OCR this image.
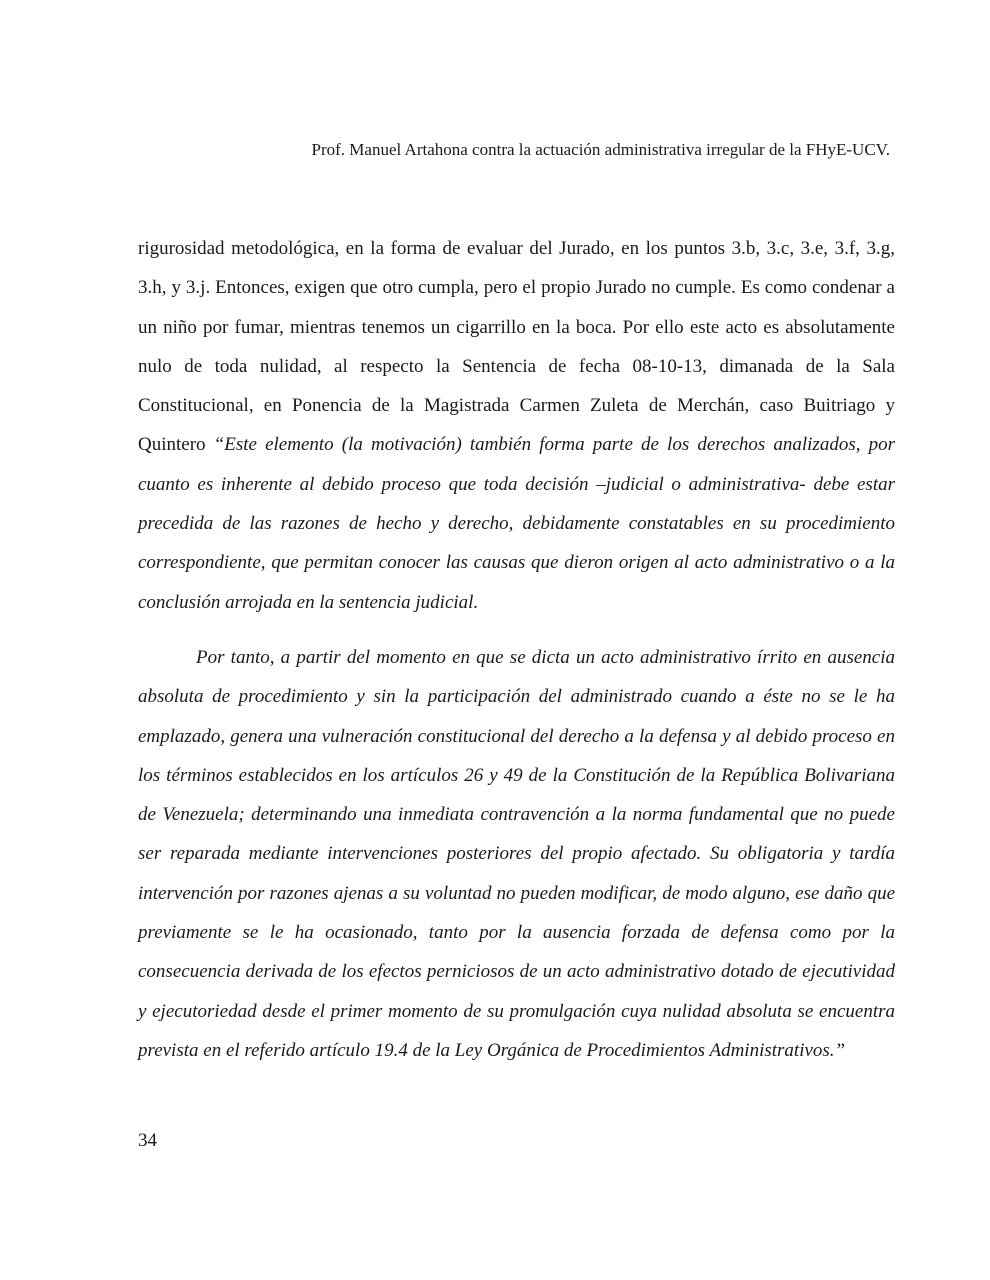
Prof. Manuel Artahona contra la actuación administrativa irregular de la FHyE-UCV.

rigurosidad metodológica, en la forma de evaluar del Jurado, en los puntos 3.b, 3.c, 3.e, 3.f, 3.g, 3.h, y 3.j. Entonces, exigen que otro cumpla, pero el propio Jurado no cumple. Es como condenar a un niño por fumar, mientras tenemos un cigarrillo en la boca. Por ello este acto es absolutamente nulo de toda nulidad, al respecto la Sentencia de fecha 08-10-13, dimanada de la Sala Constitucional, en Ponencia de la Magistrada Carmen Zuleta de Merchán, caso Buitriago y Quintero “Este elemento (la motivación) también forma parte de los derechos analizados, por cuanto es inherente al debido proceso que toda decisión –judicial o administrativa- debe estar precedida de las razones de hecho y derecho, debidamente constatables en su procedimiento correspondiente, que permitan conocer las causas que dieron origen al acto administrativo o a la conclusión arrojada en la sentencia judicial.

Por tanto, a partir del momento en que se dicta un acto administrativo írrito en ausencia absoluta de procedimiento y sin la participación del administrado cuando a éste no se le ha emplazado, genera una vulneración constitucional del derecho a la defensa y al debido proceso en los términos establecidos en los artículos 26 y 49 de la Constitución de la República Bolivariana de Venezuela; determinando una inmediata contravención a la norma fundamental que no puede ser reparada mediante intervenciones posteriores del propio afectado. Su obligatoria y tardía intervención por razones ajenas a su voluntad no pueden modificar, de modo alguno, ese daño que previamente se le ha ocasionado, tanto por la ausencia forzada de defensa como por la consecuencia derivada de los efectos perniciosos de un acto administrativo dotado de ejecutividad y ejecutoriedad desde el primer momento de su promulgación cuya nulidad absoluta se encuentra prevista en el referido artículo 19.4 de la Ley Orgánica de Procedimientos Administrativos.”

34
